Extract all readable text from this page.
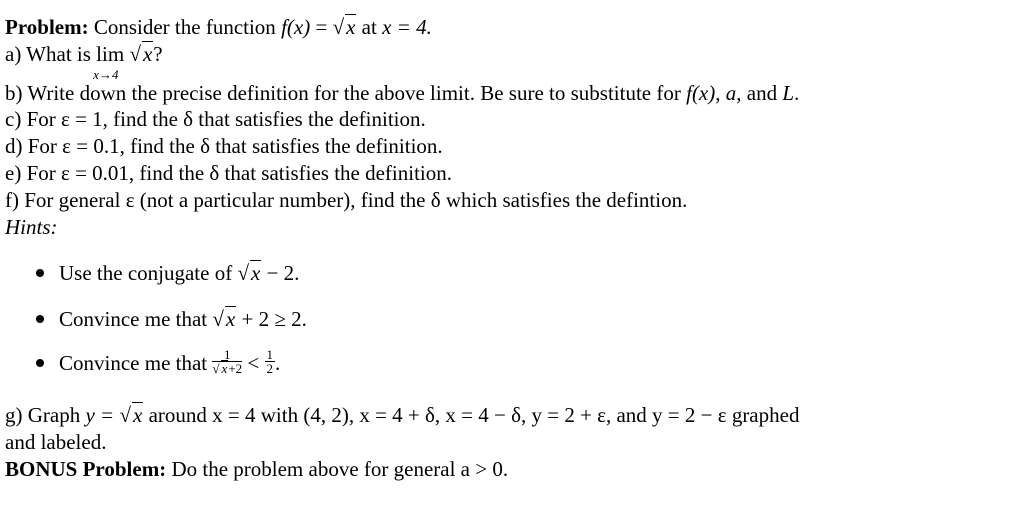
Problem: Consider the function f(x) = √x at x = 4.
a) What is lim
x→4
√x?
b) Write down the precise definition for the above limit. Be sure to substitute for f(x), a, and L.
c) For ε = 1, find the δ that satisfies the definition.
d) For ε = 0.1, find the δ that satisfies the definition.
e) For ε = 0.01, find the δ that satisfies the definition.
f) For general ε (not a particular number), find the δ which satisfies the defintion.
Hints:
Use the conjugate of √x − 2.
Convince me that √x + 2 ≥ 2.
Convince me that $\frac{1}{√ x+2} < \frac{1}{2}$ .
g) Graph y = √x around x = 4 with (4, 2), x = 4 + δ, x = 4 − δ, y = 2 + ε, and y = 2 − ε graphed
and labeled.
BONUS Problem: Do the problem above for general a > 0.
